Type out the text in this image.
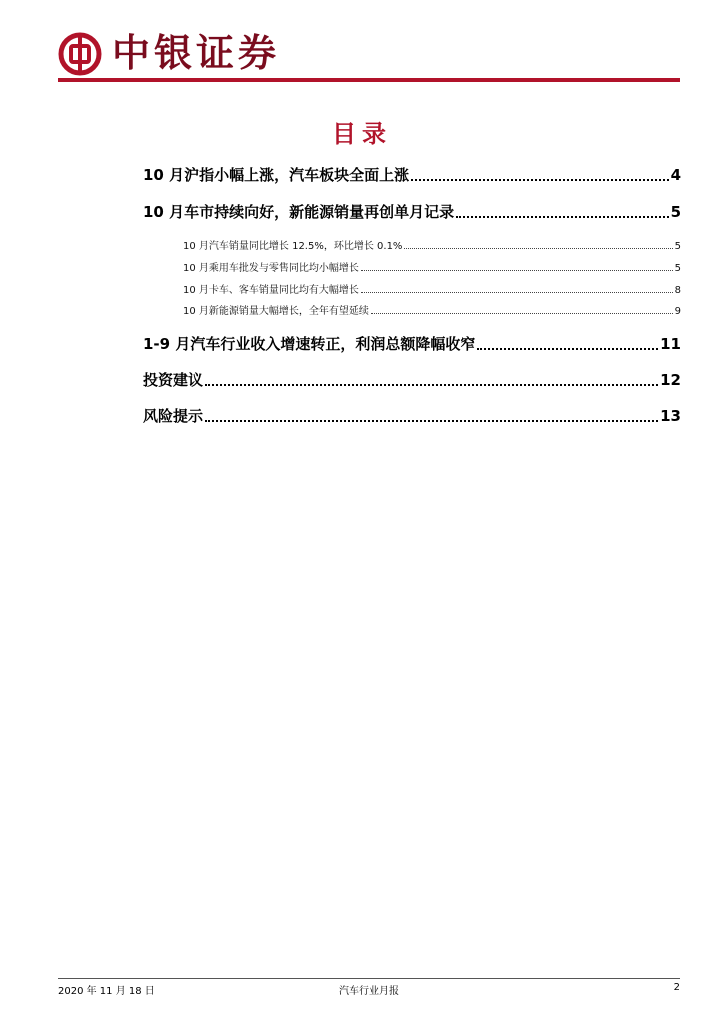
中银证券
目录
10 月沪指小幅上涨，汽车板块全面上涨	4
10 月车市持续向好，新能源销量再创单月记录	5
10 月汽车销量同比增长 12.5%，环比增长 0.1%	5
10 月乘用车批发与零售同比均小幅增长	5
10 月卡车、客车销量同比均有大幅增长	8
10 月新能源销量大幅增长，全年有望延续	9
1-9 月汽车行业收入增速转正，利润总额降幅收窄	11
投资建议	12
风险提示	13
2020 年 11 月 18 日	汽车行业月报	2
